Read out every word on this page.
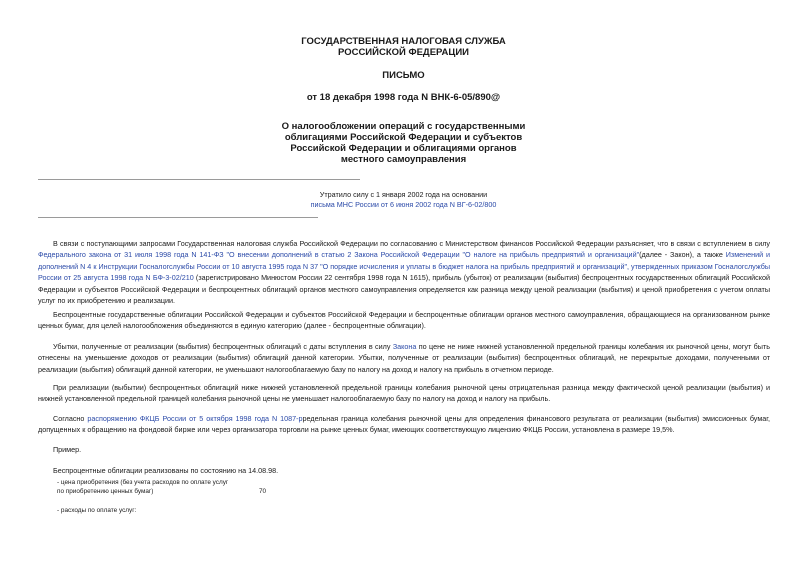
ГОСУДАРСТВЕННАЯ НАЛОГОВАЯ СЛУЖБА
РОССИЙСКОЙ ФЕДЕРАЦИИ
ПИСЬМО
от 18 декабря 1998 года N ВНК-6-05/890@
О налогообложении операций с государственными
облигациями Российской Федерации и субъектов
Российской Федерации и облигациями органов
местного самоуправления
Утратило силу с 1 января 2002 года на основании
письма МНС России от 6 июня 2002 года N ВГ-6-02/800

В связи с поступающими запросами Государственная налоговая служба Российской Федерации по согласованию с Министерством финансов Российской Федерации разъясняет, что в связи с вступлением в силу Федерального закона от 31 июля 1998 года N 141-ФЗ "О внесении дополнений в статью 2 Закона Российской Федерации "О налоге на прибыль предприятий и организаций"(далее - Закон), а также Изменений и дополнений N 4 к Инструкции Госналогслужбы России от 10 августа 1995 года N 37 "О порядке исчисления и уплаты в бюджет налога на прибыль предприятий и организаций", утвержденных приказом Госналогслужбы России от 25 августа 1998 года N БФ-3-02/210 (зарегистрировано Минюстом России 22 сентября 1998 года N 1615), прибыль (убыток) от реализации (выбытия) беспроцентных государственных облигаций Российской Федерации и субъектов Российской Федерации и беспроцентных облигаций органов местного самоуправления определяется как разница между ценой реализации (выбытия) и ценой приобретения с учетом оплаты услуг по их приобретению и реализации.

Беспроцентные государственные облигации Российской Федерации и субъектов Российской Федерации и беспроцентные облигации органов местного самоуправления, обращающиеся на организованном рынке ценных бумаг, для целей налогообложения объединяются в единую категорию (далее - беспроцентные облигации).

Убытки, полученные от реализации (выбытия) беспроцентных облигаций с даты вступления в силу Закона по цене не ниже нижней установленной предельной границы колебания их рыночной цены, могут быть отнесены на уменьшение доходов от реализации (выбытия) облигаций данной категории. Убытки, полученные от реализации (выбытия) беспроцентных облигаций, не перекрытые доходами, полученными от реализации (выбытия) облигаций данной категории, не уменьшают налогооблагаемую базу по налогу на доход и налогу на прибыль в отчетном периоде.

При реализации (выбытии) беспроцентных облигаций ниже нижней установленной предельной границы колебания рыночной цены отрицательная разница между фактической ценой реализации (выбытия) и нижней установленной предельной границей колебания рыночной цены не уменьшает налогооблагаемую базу по налогу на доход и налогу на прибыль.

Согласно распоряжению ФКЦБ России от 5 октября 1998 года N 1087-рредельная граница колебания рыночной цены для определения финансового результата от реализации (выбытия) эмиссионных бумаг, допущенных к обращению на фондовой бирже или через организатора торговли на рынке ценных бумаг, имеющих соответствующую лицензию ФКЦБ России, установлена в размере 19,5%.

Пример.

Беспроцентные облигации реализованы по состоянию на 14.08.98.

- цена приобретения (без учета расходов по оплате услуг
по приобретению ценных бумаг)	70
- расходы по оплате услуг:
